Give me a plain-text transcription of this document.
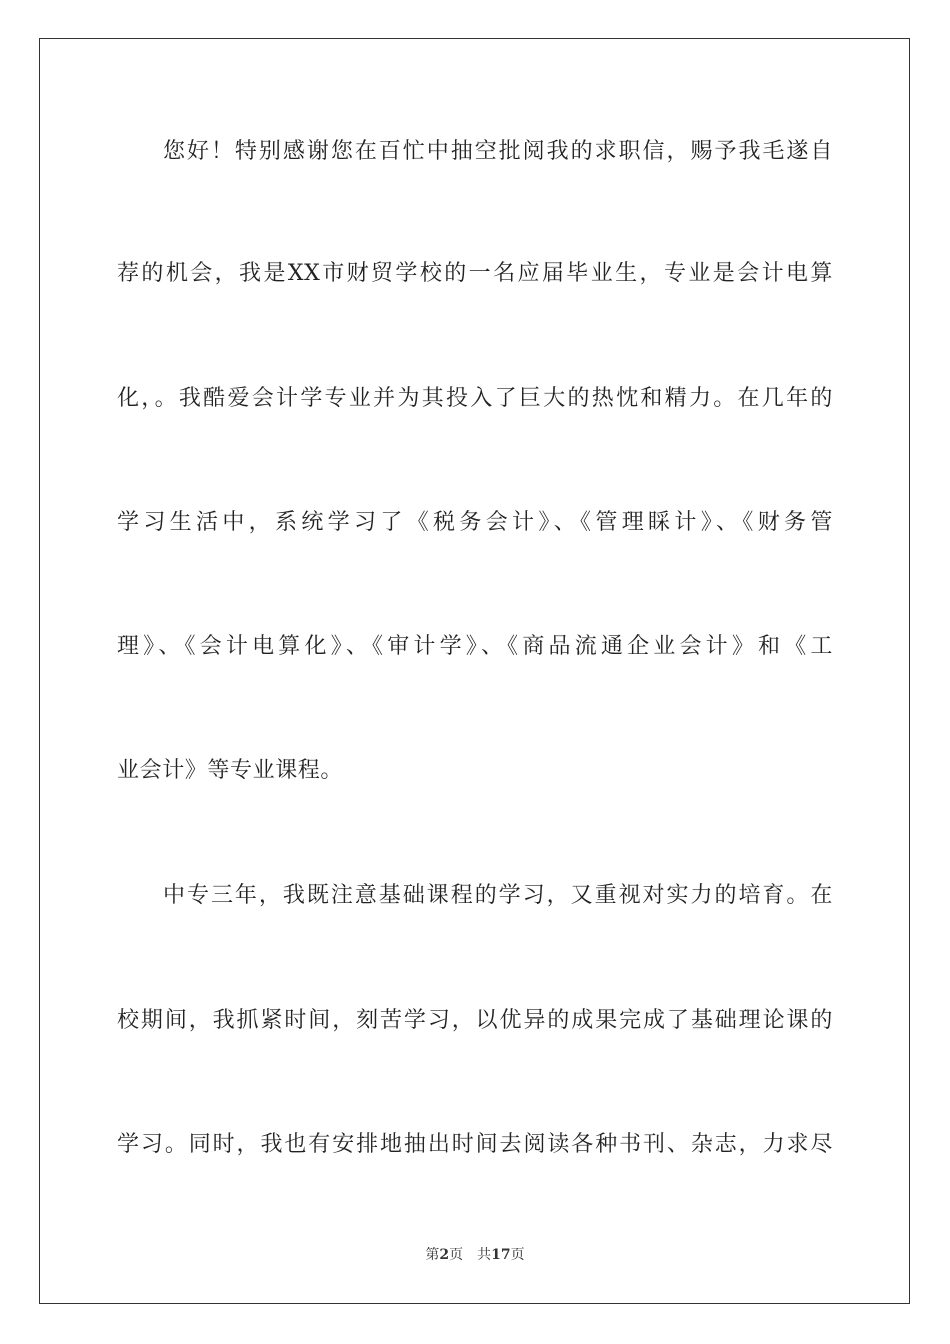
您好！特别感谢您在百忙中抽空批阅我的求职信，赐予我毛遂自
荐的机会，我是XX市财贸学校的一名应届毕业生，专业是会计电算
化，。我酷爱会计学专业并为其投入了巨大的热忱和精力。在几年的
学习生活中，系统学习了《税务会计》、《管理睬计》、《财务管
理》、《会计电算化》、《审计学》、《商品流通企业会计》和《工
业会计》等专业课程。
中专三年，我既注意基础课程的学习，又重视对实力的培育。在
校期间，我抓紧时间，刻苦学习，以优异的成果完成了基础理论课的
学习。同时，我也有安排地抽出时间去阅读各种书刊、杂志，力求尽
第2页 共17页
